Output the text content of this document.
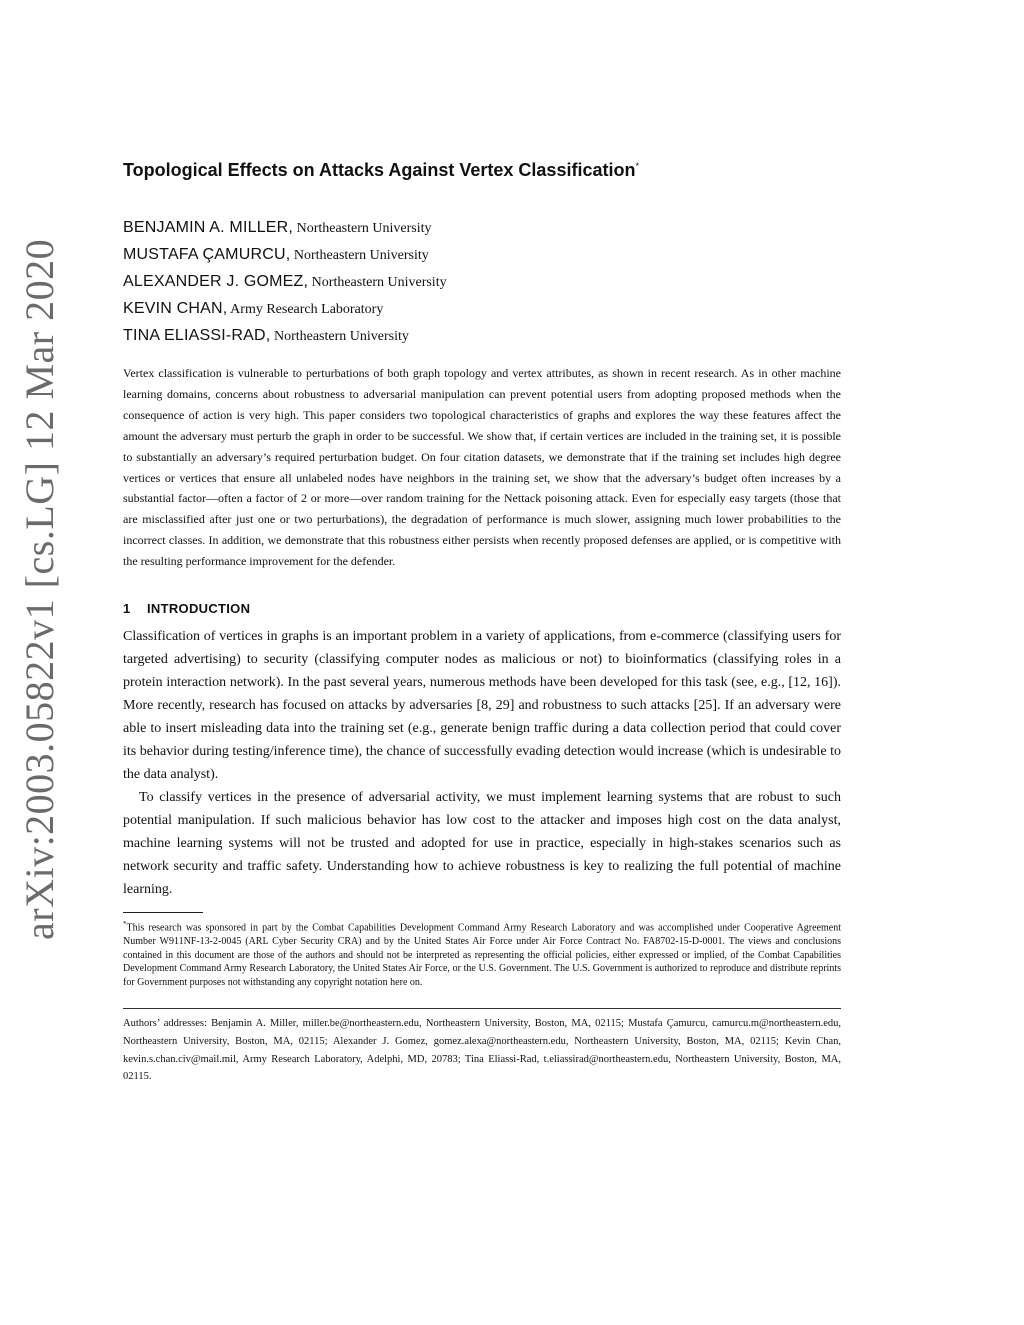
arXiv:2003.05822v1 [cs.LG] 12 Mar 2020
Topological Effects on Attacks Against Vertex Classification*
BENJAMIN A. MILLER, Northeastern University
MUSTAFA ÇAMURCU, Northeastern University
ALEXANDER J. GOMEZ, Northeastern University
KEVIN CHAN, Army Research Laboratory
TINA ELIASSI-RAD, Northeastern University

Vertex classification is vulnerable to perturbations of both graph topology and vertex attributes, as shown in recent research. As in other machine learning domains, concerns about robustness to adversarial manipulation can prevent potential users from adopting proposed methods when the consequence of action is very high. This paper considers two topological characteristics of graphs and explores the way these features affect the amount the adversary must perturb the graph in order to be successful. We show that, if certain vertices are included in the training set, it is possible to substantially an adversary’s required perturbation budget. On four citation datasets, we demonstrate that if the training set includes high degree vertices or vertices that ensure all unlabeled nodes have neighbors in the training set, we show that the adversary’s budget often increases by a substantial factor—often a factor of 2 or more—over random training for the Nettack poisoning attack. Even for especially easy targets (those that are misclassified after just one or two perturbations), the degradation of performance is much slower, assigning much lower probabilities to the incorrect classes. In addition, we demonstrate that this robustness either persists when recently proposed defenses are applied, or is competitive with the resulting performance improvement for the defender.

1 INTRODUCTION

Classification of vertices in graphs is an important problem in a variety of applications, from e-commerce (classifying users for targeted advertising) to security (classifying computer nodes as malicious or not) to bioinformatics (classifying roles in a protein interaction network). In the past several years, numerous methods have been developed for this task (see, e.g., [12, 16]). More recently, research has focused on attacks by adversaries [8, 29] and robustness to such attacks [25]. If an adversary were able to insert misleading data into the training set (e.g., generate benign traffic during a data collection period that could cover its behavior during testing/inference time), the chance of successfully evading detection would increase (which is undesirable to the data analyst).

To classify vertices in the presence of adversarial activity, we must implement learning systems that are robust to such potential manipulation. If such malicious behavior has low cost to the attacker and imposes high cost on the data analyst, machine learning systems will not be trusted and adopted for use in practice, especially in high-stakes scenarios such as network security and traffic safety. Understanding how to achieve robustness is key to realizing the full potential of machine learning.

*This research was sponsored in part by the Combat Capabilities Development Command Army Research Laboratory and was accomplished under Cooperative Agreement Number W911NF-13-2-0045 (ARL Cyber Security CRA) and by the United States Air Force under Air Force Contract No. FA8702-15-D-0001. The views and conclusions contained in this document are those of the authors and should not be interpreted as representing the official policies, either expressed or implied, of the Combat Capabilities Development Command Army Research Laboratory, the United States Air Force, or the U.S. Government. The U.S. Government is authorized to reproduce and distribute reprints for Government purposes not withstanding any copyright notation here on.
Authors’ addresses: Benjamin A. Miller, miller.be@northeastern.edu, Northeastern University, Boston, MA, 02115; Mustafa Çamurcu, camurcu.m@northeastern.edu, Northeastern University, Boston, MA, 02115; Alexander J. Gomez, gomez.alexa@northeastern.edu, Northeastern University, Boston, MA, 02115; Kevin Chan, kevin.s.chan.civ@mail.mil, Army Research Laboratory, Adelphi, MD, 20783; Tina Eliassi-Rad, t.eliassirad@northeastern.edu, Northeastern University, Boston, MA, 02115.
